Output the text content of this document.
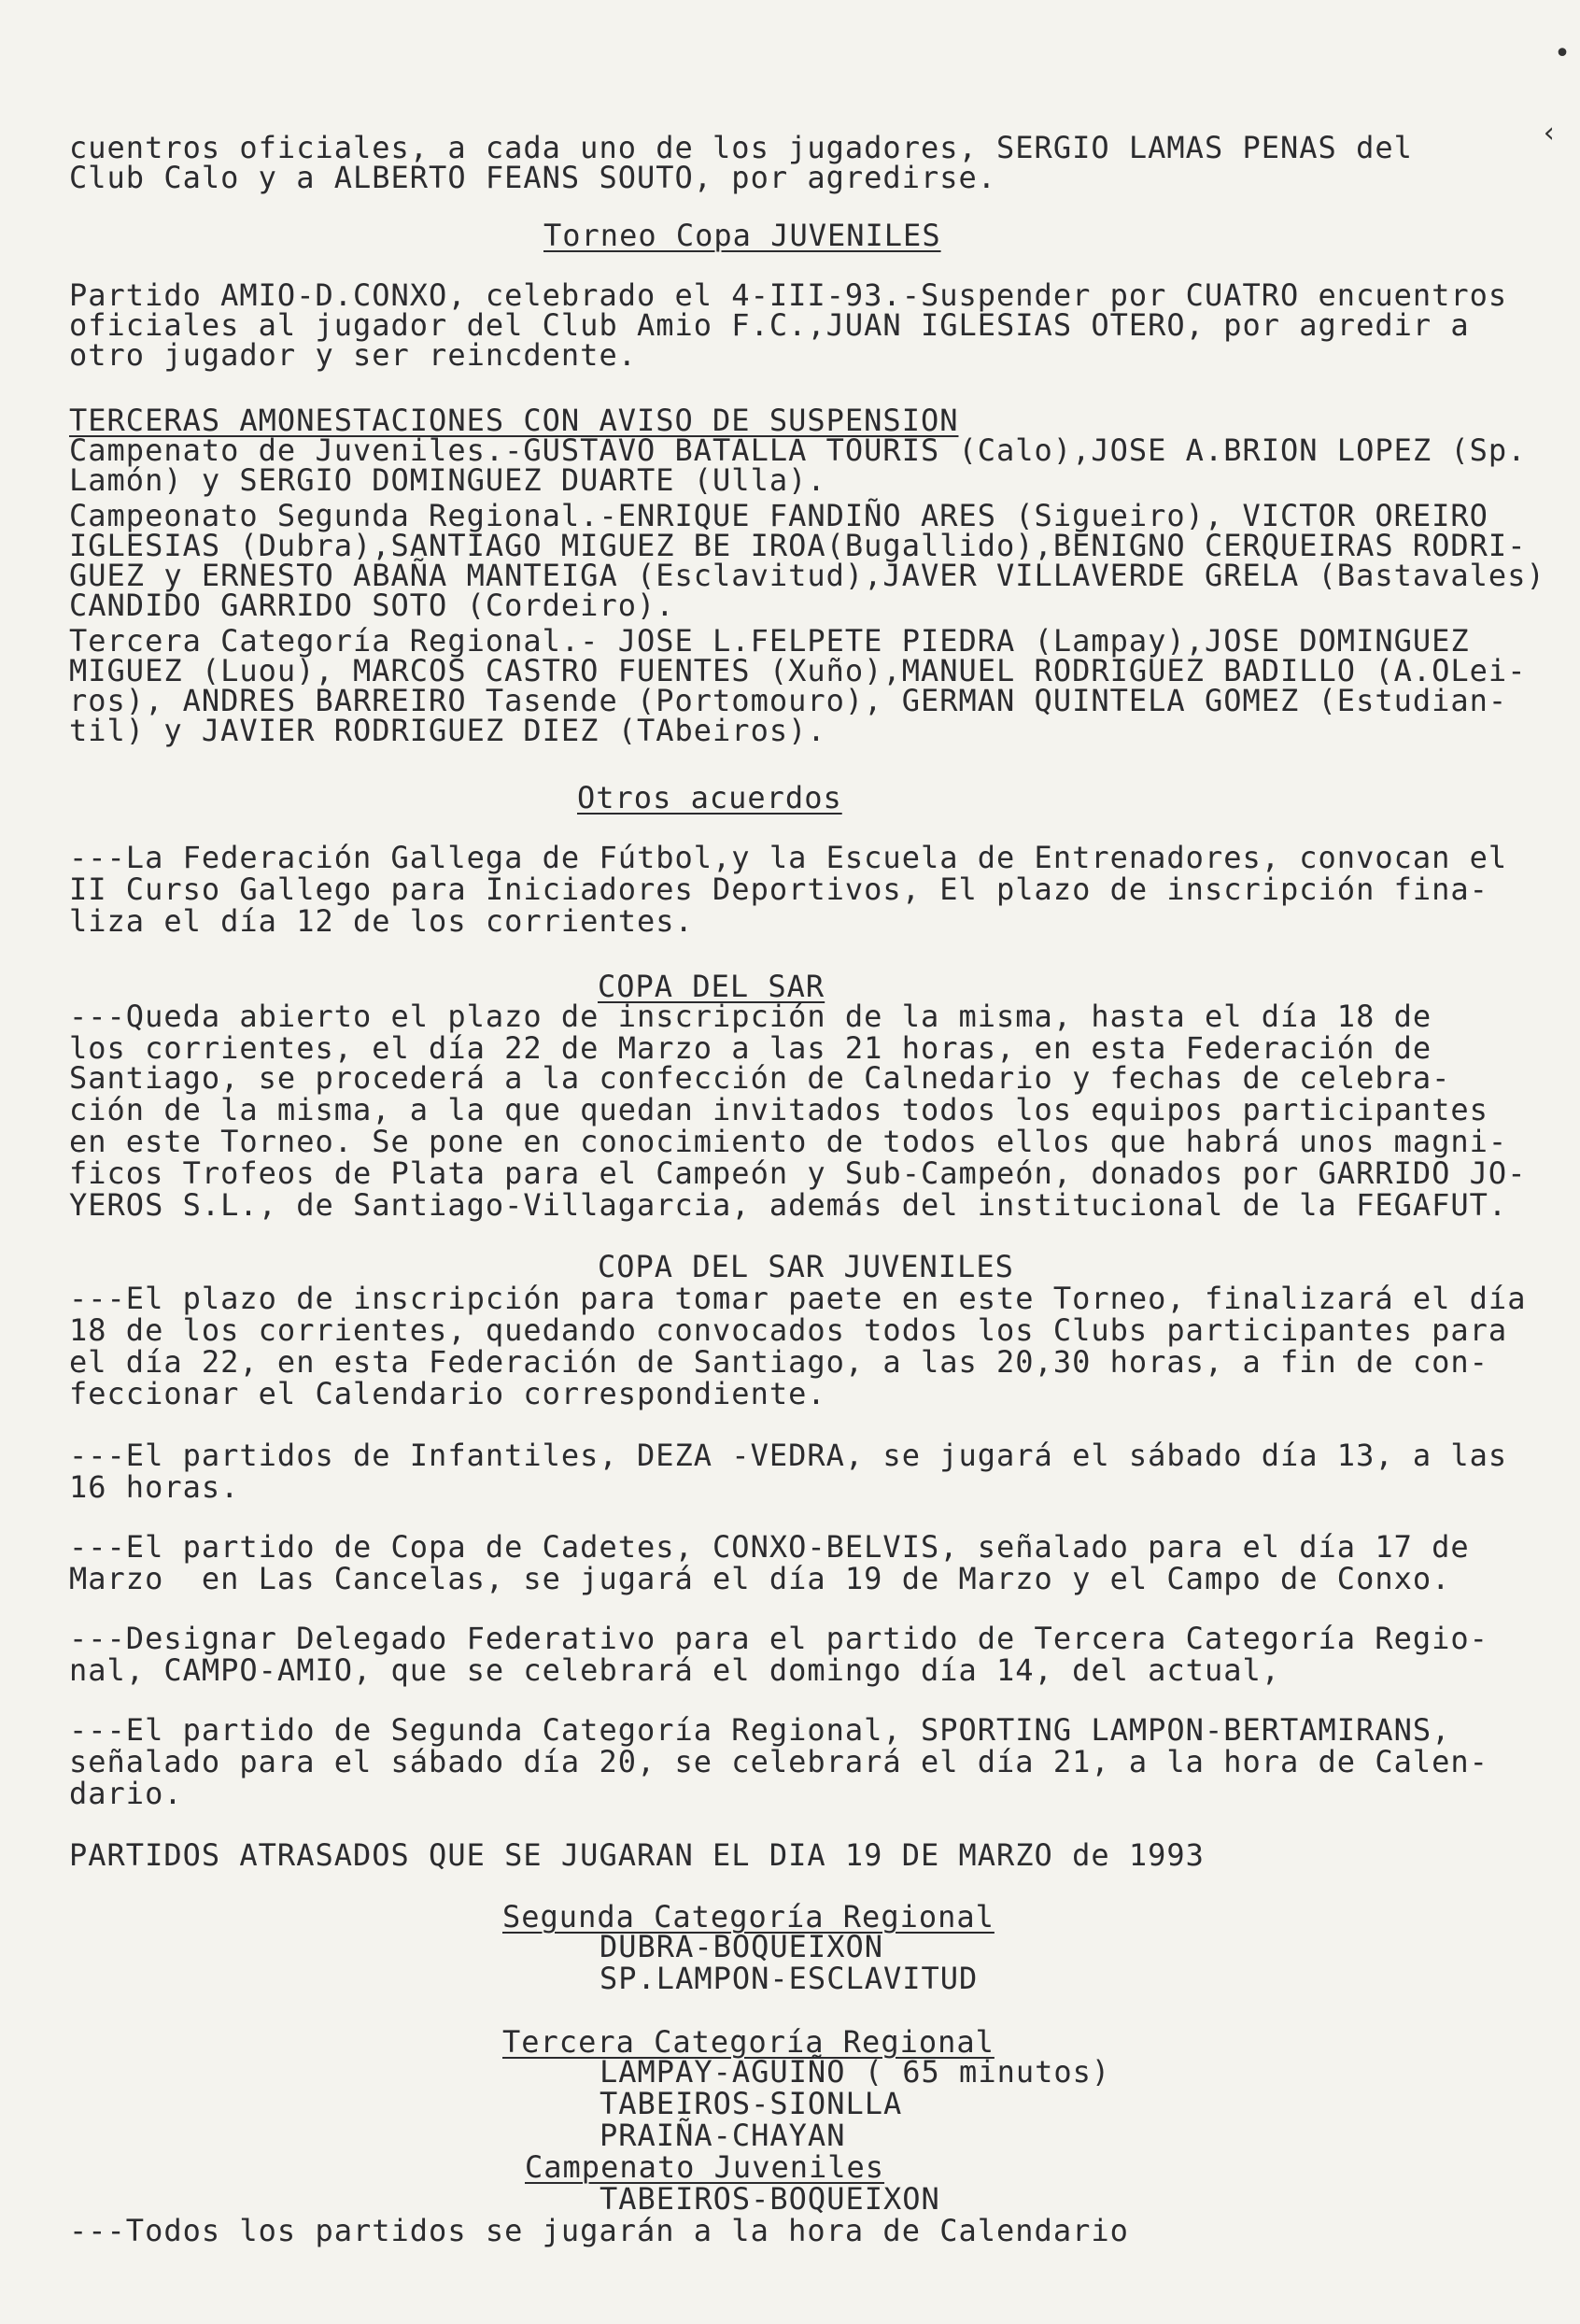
•
‹
cuentros oficiales, a cada uno de los jugadores, SERGIO LAMAS PENAS del
Club Calo y a ALBERTO FEANS SOUTO, por agredirse.
Torneo Copa JUVENILES
Partido AMIO-D.CONXO, celebrado el 4-III-93.-Suspender por CUATRO encuentros
oficiales al jugador del Club Amio F.C.,JUAN IGLESIAS OTERO, por agredir a
otro jugador y ser reincdente.
TERCERAS AMONESTACIONES CON AVISO DE SUSPENSION
Campenato de Juveniles.-GUSTAVO BATALLA TOURIS (Calo),JOSE A.BRION LOPEZ (Sp.
Lamón) y SERGIO DOMINGUEZ DUARTE (Ulla).
Campeonato Segunda Regional.-ENRIQUE FANDIÑO ARES (Sigueiro), VICTOR OREIRO
IGLESIAS (Dubra),SANTIAGO MIGUEZ BE IROA(Bugallido),BENIGNO CERQUEIRAS RODRI-
GUEZ y ERNESTO ABAÑA MANTEIGA (Esclavitud),JAVER VILLAVERDE GRELA (Bastavales)
CANDIDO GARRIDO SOTO (Cordeiro).
Tercera Categoría Regional.- JOSE L.FELPETE PIEDRA (Lampay),JOSE DOMINGUEZ
MIGUEZ (Luou), MARCOS CASTRO FUENTES (Xuño),MANUEL RODRIGUEZ BADILLO (A.OLei-
ros), ANDRES BARREIRO Tasende (Portomouro), GERMAN QUINTELA GOMEZ (Estudian-
til) y JAVIER RODRIGUEZ DIEZ (TAbeiros).
Otros acuerdos
---La Federación Gallega de Fútbol,y la Escuela de Entrenadores, convocan el
II Curso Gallego para Iniciadores Deportivos, El plazo de inscripción fina-
liza el día 12 de los corrientes.
COPA DEL SAR
---Queda abierto el plazo de inscripción de la misma, hasta el día 18 de
los corrientes, el día 22 de Marzo a las 21 horas, en esta Federación de
Santiago, se procederá a la confección de Calnedario y fechas de celebra-
ción de la misma, a la que quedan invitados todos los equipos participantes
en este Torneo. Se pone en conocimiento de todos ellos que habrá unos magni-
ficos Trofeos de Plata para el Campeón y Sub-Campeón, donados por GARRIDO JO-
YEROS S.L., de Santiago-Villagarcia, además del institucional de la FEGAFUT.
COPA DEL SAR JUVENILES
---El plazo de inscripción para tomar paete en este Torneo, finalizará el día
18 de los corrientes, quedando convocados todos los Clubs participantes para
el día 22, en esta Federación de Santiago, a las 20,30 horas, a fin de con-
feccionar el Calendario correspondiente.
---El partidos de Infantiles, DEZA -VEDRA, se jugará el sábado día 13, a las
16 horas.
---El partido de Copa de Cadetes, CONXO-BELVIS, señalado para el día 17 de
Marzo  en Las Cancelas, se jugará el día 19 de Marzo y el Campo de Conxo.
---Designar Delegado Federativo para el partido de Tercera Categoría Regio-
nal, CAMPO-AMIO, que se celebrará el domingo día 14, del actual,
---El partido de Segunda Categoría Regional, SPORTING LAMPON-BERTAMIRANS,
señalado para el sábado día 20, se celebrará el día 21, a la hora de Calen-
dario.
PARTIDOS ATRASADOS QUE SE JUGARAN EL DIA 19 DE MARZO de 1993
Segunda Categoría Regional
DUBRA-BOQUEIXON
SP.LAMPON-ESCLAVITUD
Tercera Categoría Regional
LAMPAY-AGUIÑO ( 65 minutos)
TABEIROS-SIONLLA
PRAIÑA-CHAYAN
Campenato Juveniles
TABEIROS-BOQUEIXON
---Todos los partidos se jugarán a la hora de Calendario
